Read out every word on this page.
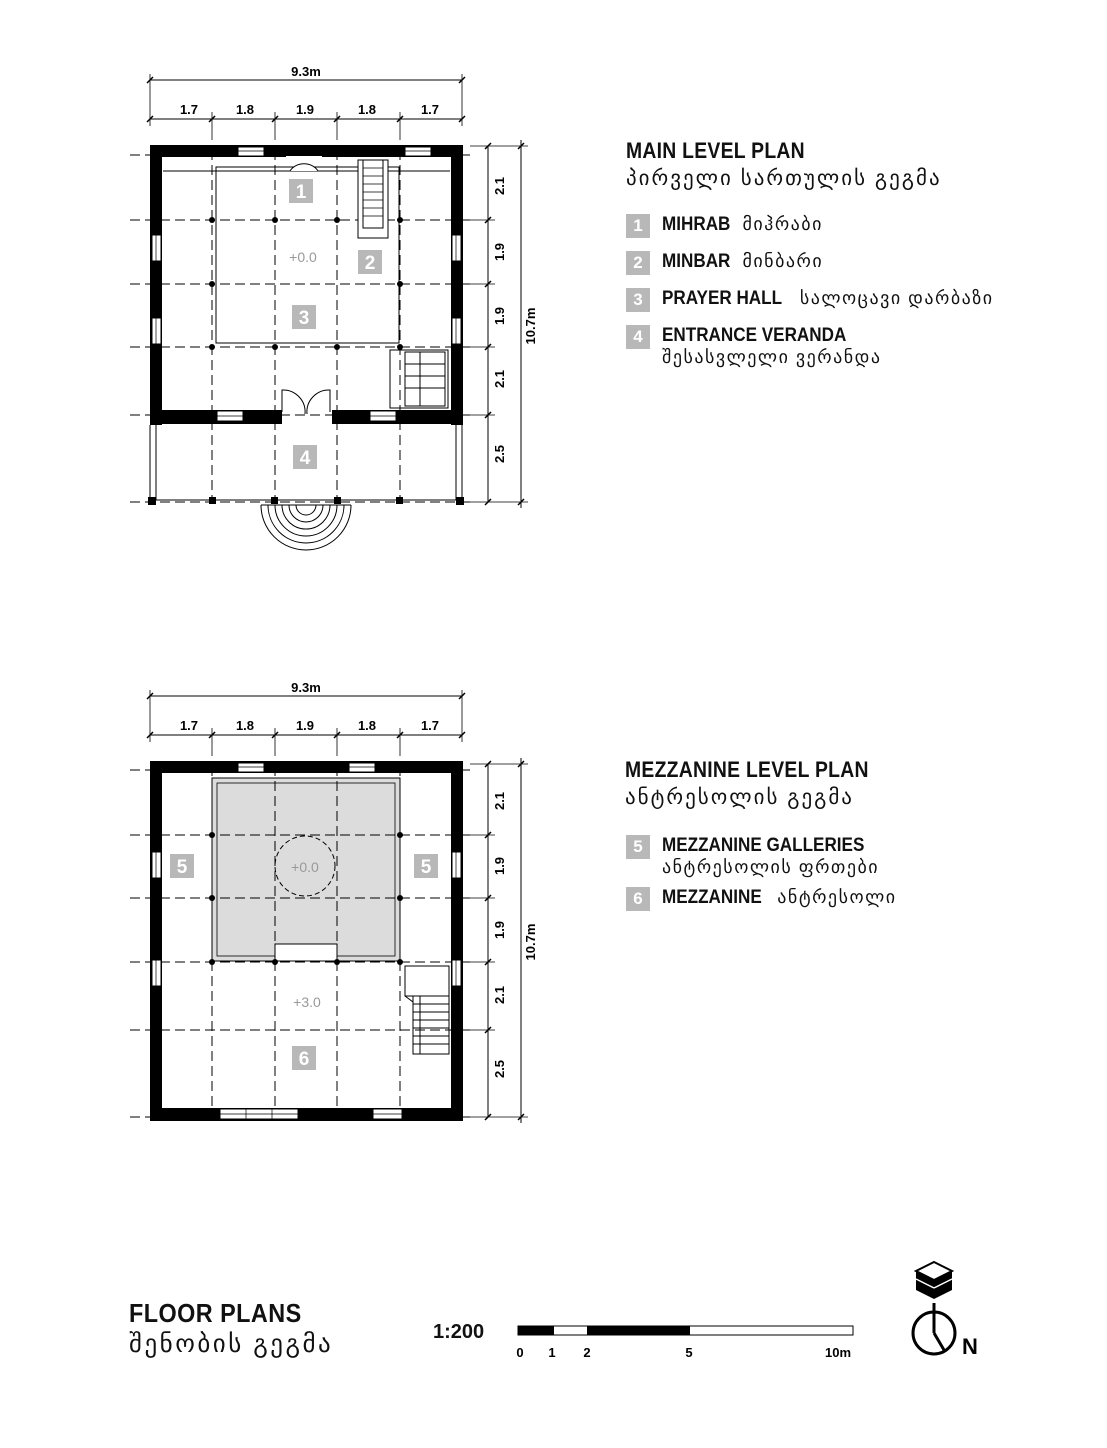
9.3m
1.7	1.8	1.9	1.8	1.7
2.1
1.9
1.9
2.1
2.5
10.7m
+0.0
1
2
3
4
9.3m
1.7	1.8	1.9	1.8	1.7
2.1
1.9
1.9
2.1
2.5
10.7m
+0.0
+3.0
5	5
6
0 1 2	5	10m	N
MAIN LEVEL PLAN
პირველი სართულის გეგმა
1	MIHRAB მიჰრაბი
2	MINBAR მინბარი
3	PRAYER HALL სალოცავი დარბაზი
4	ENTRANCE VERANDA
შესასვლელი ვერანდა
MEZZANINE LEVEL PLAN
ანტრესოლის გეგმა
5	MEZZANINE GALLERIES
ანტრესოლის ფრთები
6	MEZZANINE ანტრესოლი
FLOOR PLANS
შენობის გეგმა	1:200
